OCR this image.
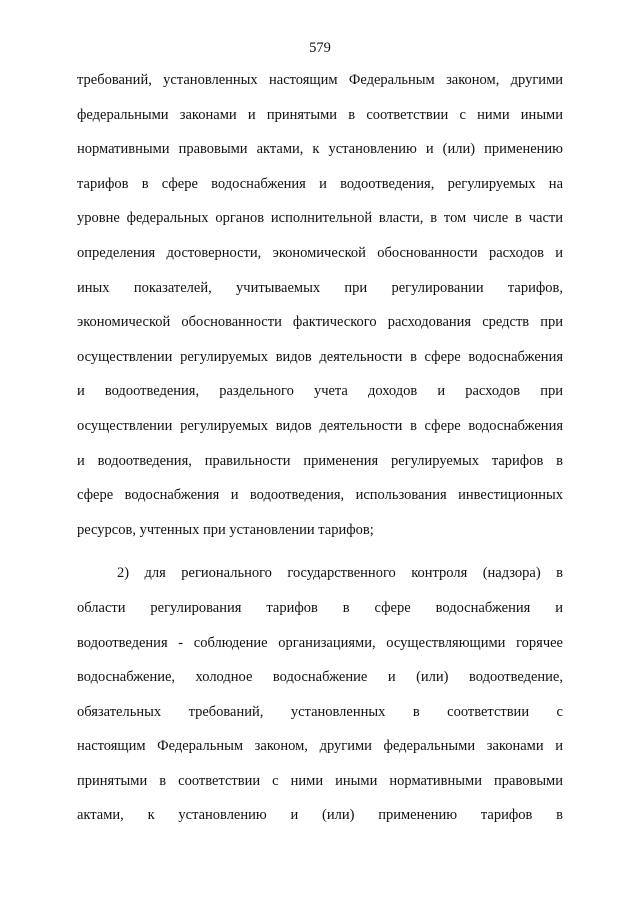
579
требований, установленных настоящим Федеральным законом, другими
федеральными законами и принятыми в соответствии с ними иными
нормативными правовыми актами, к установлению и (или) применению
тарифов в сфере водоснабжения и водоотведения, регулируемых на
уровне федеральных органов исполнительной власти, в том числе в части
определения достоверности, экономической обоснованности расходов и
иных показателей, учитываемых при регулировании тарифов,
экономической обоснованности фактического расходования средств при
осуществлении регулируемых видов деятельности в сфере водоснабжения
и водоотведения, раздельного учета доходов и расходов при
осуществлении регулируемых видов деятельности в сфере водоснабжения
и водоотведения, правильности применения регулируемых тарифов в
сфере водоснабжения и водоотведения, использования инвестиционных
ресурсов, учтенных при установлении тарифов;
2) для регионального государственного контроля (надзора) в
области регулирования тарифов в сфере водоснабжения и
водоотведения - соблюдение организациями, осуществляющими горячее
водоснабжение, холодное водоснабжение и (или) водоотведение,
обязательных требований, установленных в соответствии с
настоящим Федеральным законом, другими федеральными законами и
принятыми в соответствии с ними иными нормативными правовыми
актами, к установлению и (или) применению тарифов в
